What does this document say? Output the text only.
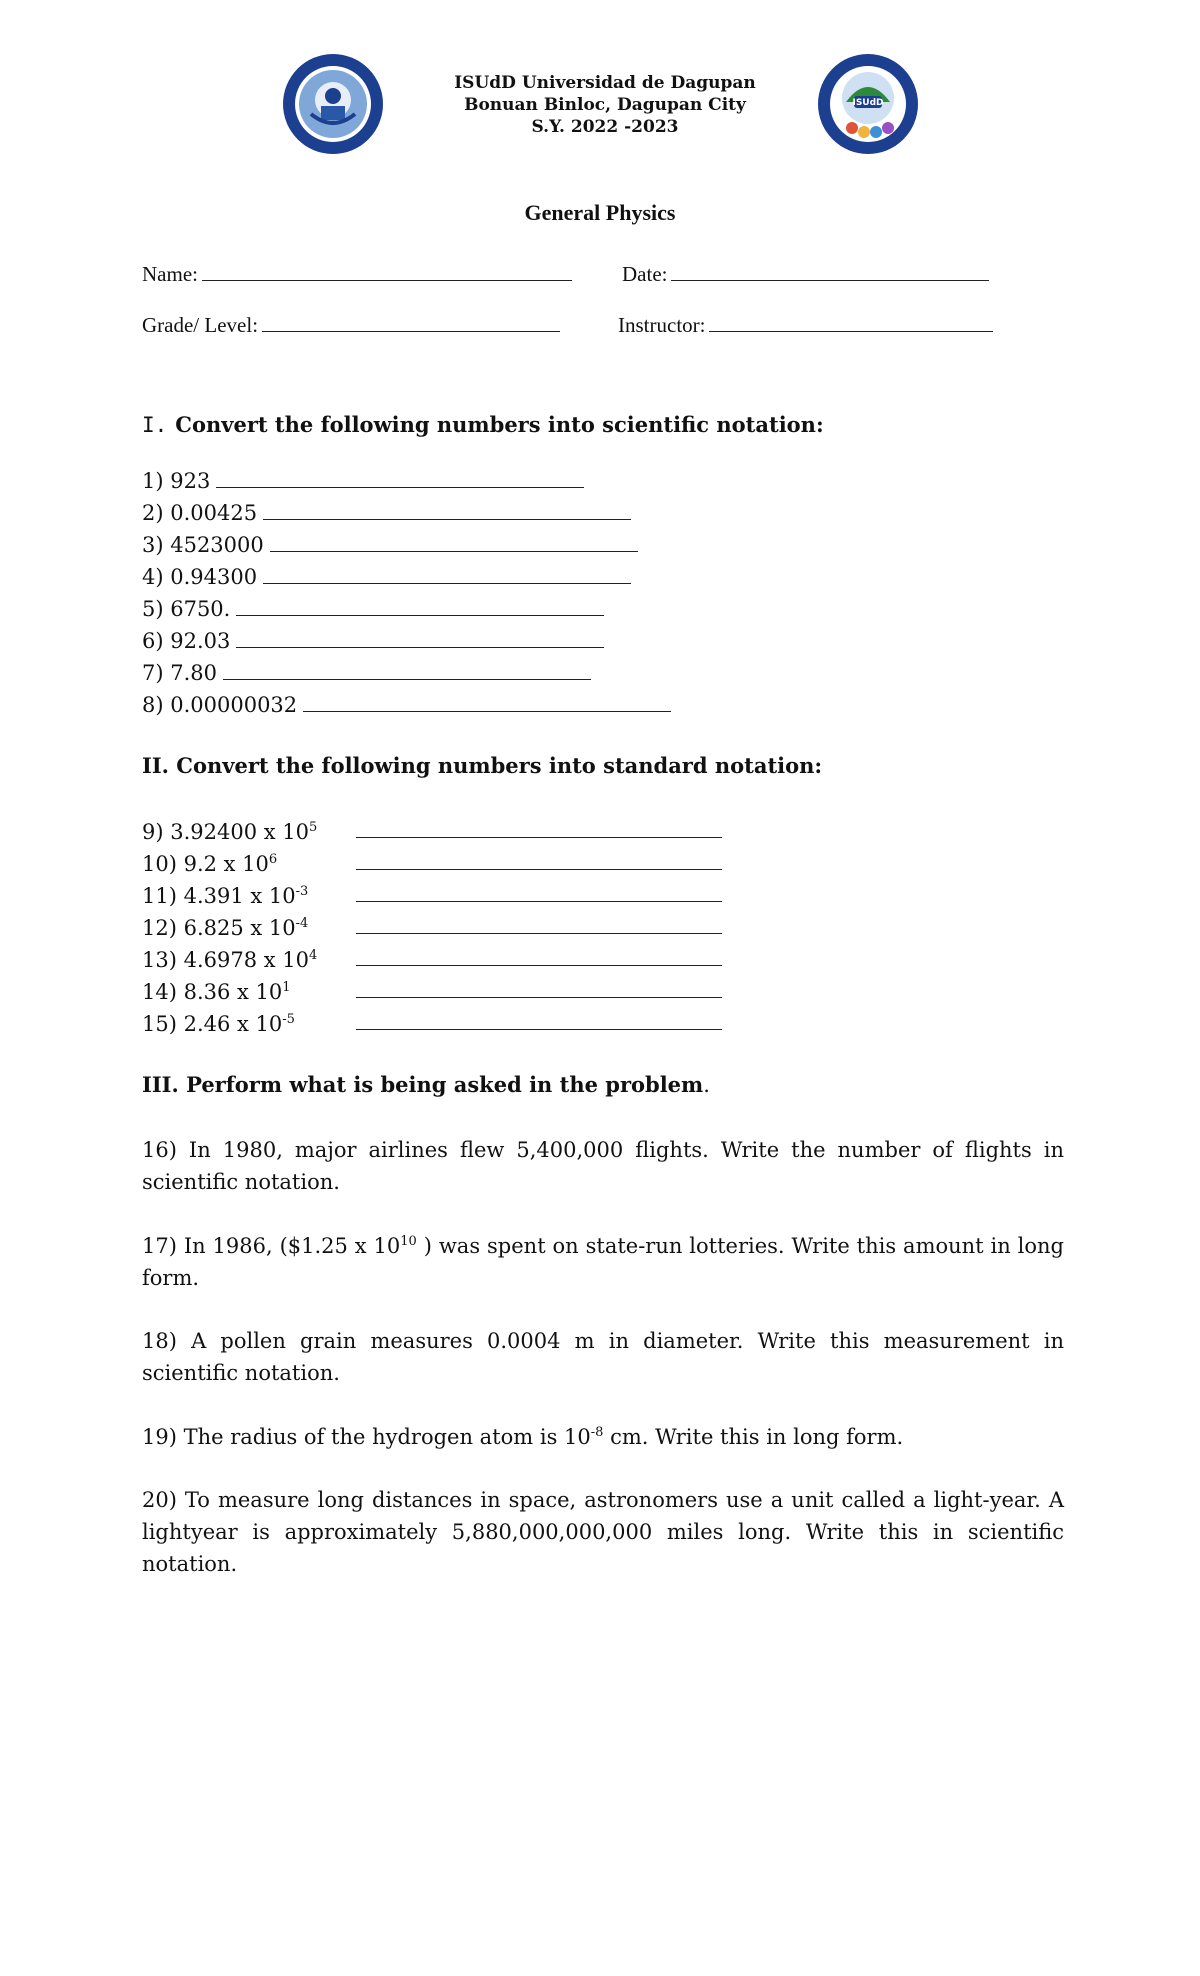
ISUdD Universidad de Dagupan
Bonuan Binloc, Dagupan City
S.Y. 2022 -2023
ISUdD
General Physics
Name:	Date:
Grade/ Level:	Instructor:
I. Convert the following numbers into scientific notation:
1) 923
2) 0.00425
3) 4523000
4) 0.94300
5) 6750.
6) 92.03
7) 7.80
8) 0.00000032
II. Convert the following numbers into standard notation:
9) 3.92400 x $10^5$
10) 9.2 x $10^6$
11) 4.391 x $10^{-3}$
12) 6.825 x $10^{-4}$
13) 4.6978 x $10^4$
14) 8.36 x $10^1$
15) 2.46 x $10^{-5}$
III. Perform what is being asked in the problem.
16) In 1980, major airlines flew 5,400,000 flights. Write the number of flights in scientific notation.
17) In 1986, ($1.25 x $10^{10}$ ) was spent on state-run lotteries. Write this amount in long form.
18) A pollen grain measures 0.0004 m in diameter. Write this measurement in scientific notation.
19) The radius of the hydrogen atom is $10^{-8}$ cm. Write this in long form.
20) To measure long distances in space, astronomers use a unit called a light-year. A lightyear is approximately 5,880,000,000,000 miles long. Write this in scientific notation.
